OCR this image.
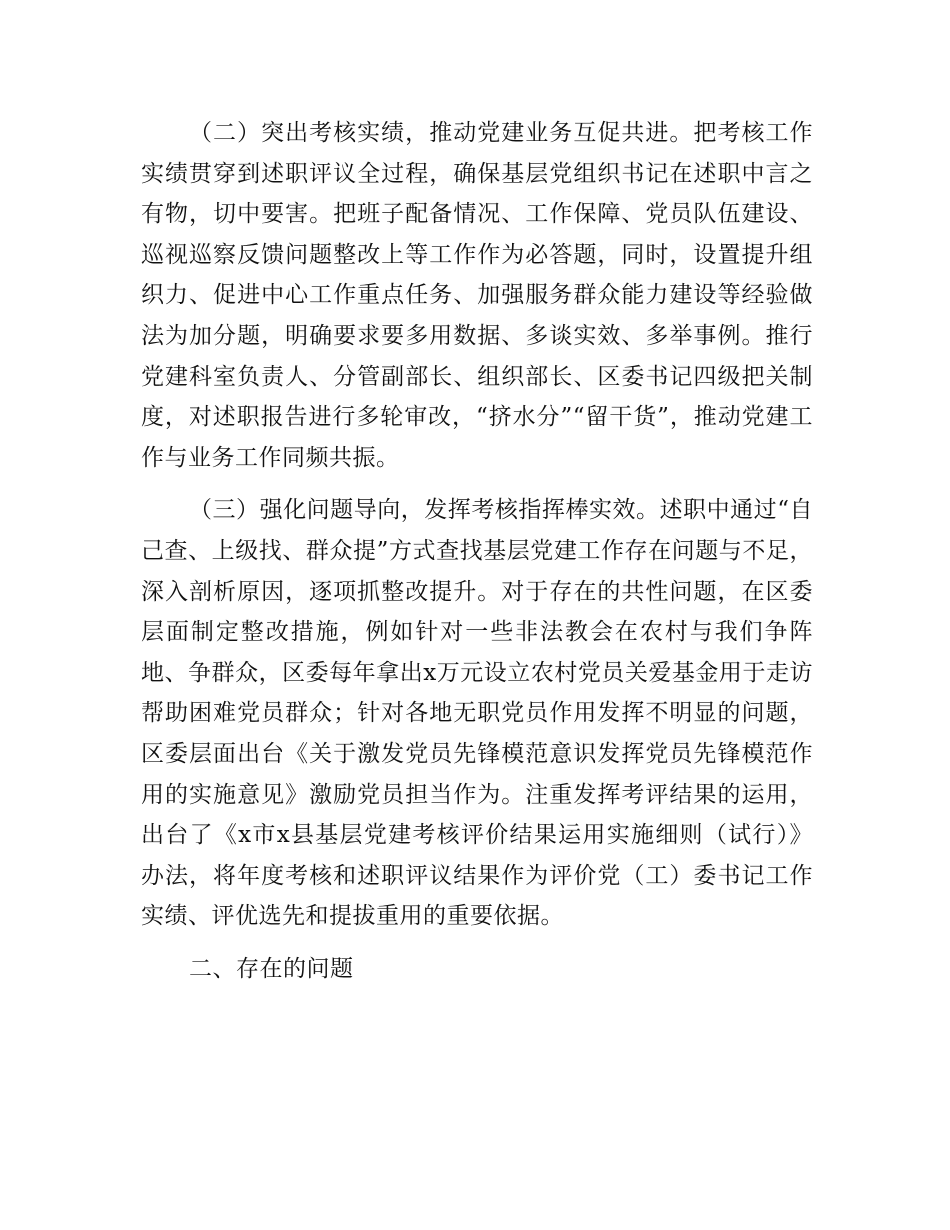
（二）突出考核实绩，推动党建业务互促共进。把考核工作实绩贯穿到述职评议全过程，确保基层党组织书记在述职中言之有物，切中要害。把班子配备情况、工作保障、党员队伍建设、巡视巡察反馈问题整改上等工作作为必答题，同时，设置提升组织力、促进中心工作重点任务、加强服务群众能力建设等经验做法为加分题，明确要求要多用数据、多谈实效、多举事例。推行党建科室负责人、分管副部长、组织部长、区委书记四级把关制度，对述职报告进行多轮审改，“挤水分”“留干货”，推动党建工作与业务工作同频共振。

（三）强化问题导向，发挥考核指挥棒实效。述职中通过“自己查、上级找、群众提”方式查找基层党建工作存在问题与不足，深入剖析原因，逐项抓整改提升。对于存在的共性问题，在区委层面制定整改措施，例如针对一些非法教会在农村与我们争阵地、争群众，区委每年拿出x万元设立农村党员关爱基金用于走访帮助困难党员群众；针对各地无职党员作用发挥不明显的问题，区委层面出台《关于激发党员先锋模范意识发挥党员先锋模范作用的实施意见》激励党员担当作为。注重发挥考评结果的运用，出台了《x市x县基层党建考核评价结果运用实施细则（试行）》办法，将年度考核和述职评议结果作为评价党（工）委书记工作实绩、评优选先和提拔重用的重要依据。

二、存在的问题
